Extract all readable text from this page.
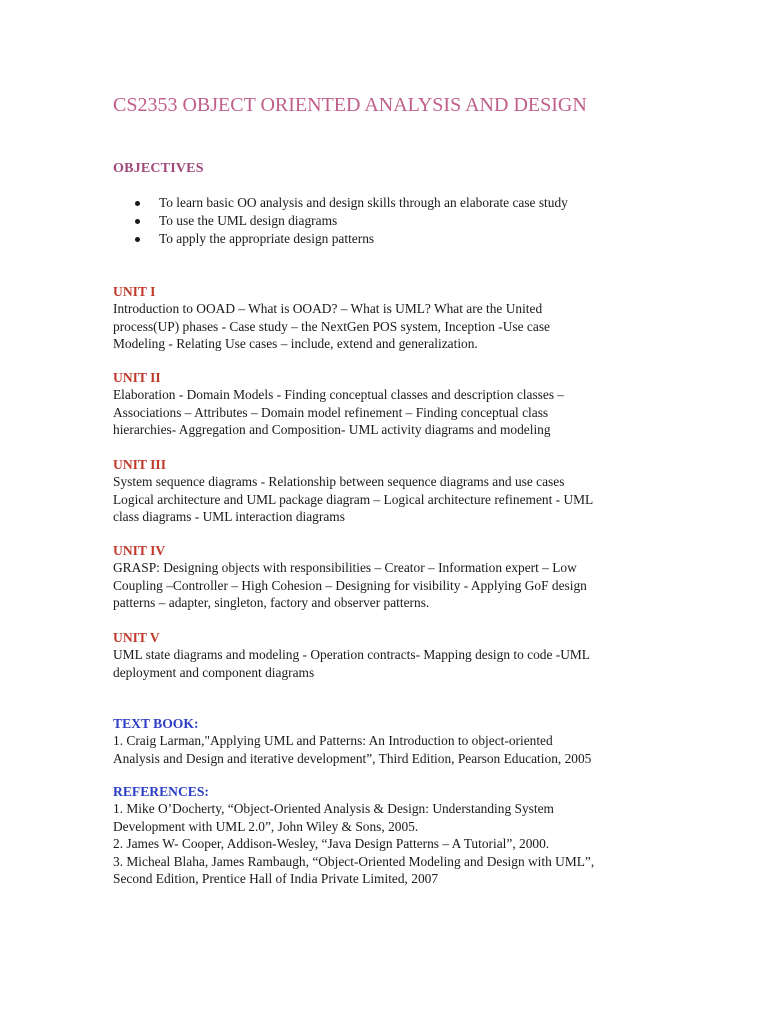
CS2353 OBJECT ORIENTED ANALYSIS AND DESIGN
OBJECTIVES
To learn basic OO analysis and design skills through an elaborate case study
To use the UML design diagrams
To apply the appropriate design patterns
UNIT I

Introduction to OOAD – What is OOAD? – What is UML? What are the United
process(UP) phases - Case study – the NextGen POS system, Inception -Use case
Modeling - Relating Use cases – include, extend and generalization.

UNIT II

Elaboration - Domain Models - Finding conceptual classes and description classes –
Associations – Attributes – Domain model refinement – Finding conceptual class
hierarchies- Aggregation and Composition- UML activity diagrams and modeling

UNIT III

System sequence diagrams - Relationship between sequence diagrams and use cases
Logical architecture and UML package diagram – Logical architecture refinement - UML
class diagrams - UML interaction diagrams

UNIT IV

GRASP: Designing objects with responsibilities – Creator – Information expert – Low
Coupling –Controller – High Cohesion – Designing for visibility - Applying GoF design
patterns – adapter, singleton, factory and observer patterns.

UNIT V

UML state diagrams and modeling - Operation contracts- Mapping design to code -UML
deployment and component diagrams

TEXT BOOK:

1. Craig Larman,"Applying UML and Patterns: An Introduction to object-oriented
Analysis and Design and iterative development”, Third Edition, Pearson Education, 2005

REFERENCES:

1. Mike O’Docherty, “Object-Oriented Analysis & Design: Understanding System
Development with UML 2.0”, John Wiley & Sons, 2005.
2. James W- Cooper, Addison-Wesley, “Java Design Patterns – A Tutorial”, 2000.
3. Micheal Blaha, James Rambaugh, “Object-Oriented Modeling and Design with UML”,
Second Edition, Prentice Hall of India Private Limited, 2007
